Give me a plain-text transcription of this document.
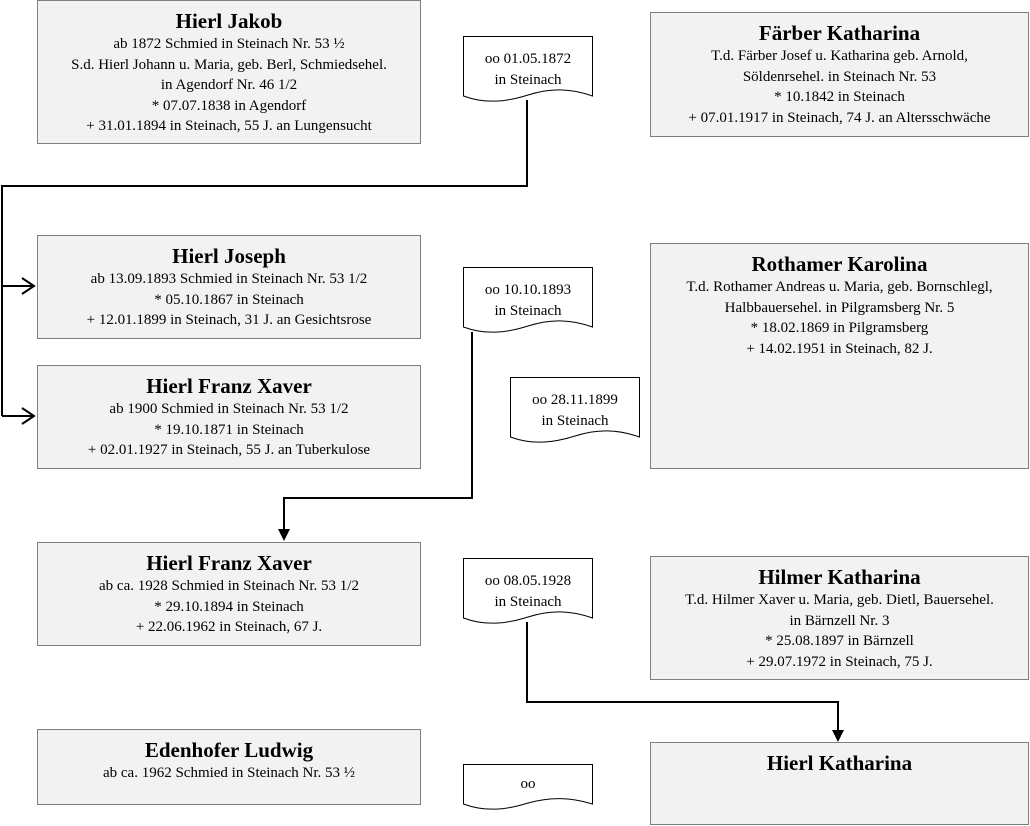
Hierl Jakob
ab 1872 Schmied in Steinach Nr. 53 ½
S.d. Hierl Johann u. Maria, geb. Berl, Schmiedsehel.
in Agendorf Nr. 46 1/2
* 07.07.1838 in Agendorf
+ 31.01.1894 in Steinach, 55 J. an Lungensucht
Färber Katharina
T.d. Färber Josef u. Katharina geb. Arnold,
Söldenrsehel. in Steinach Nr. 53
* 10.1842 in Steinach
+ 07.01.1917 in Steinach, 74 J. an Altersschwäche
Hierl Joseph
ab 13.09.1893 Schmied in Steinach Nr. 53 1/2
* 05.10.1867 in Steinach
+ 12.01.1899 in Steinach, 31 J. an Gesichtsrose
Rothamer Karolina
T.d. Rothamer Andreas u. Maria, geb. Bornschlegl,
Halbbauersehel. in Pilgramsberg Nr. 5
* 18.02.1869 in Pilgramsberg
+ 14.02.1951 in Steinach, 82 J.
Hierl Franz Xaver
ab 1900 Schmied in Steinach Nr. 53 1/2
* 19.10.1871 in Steinach
+ 02.01.1927 in Steinach, 55 J. an Tuberkulose
Hierl Franz Xaver
ab ca. 1928 Schmied in Steinach Nr. 53 1/2
* 29.10.1894 in Steinach
+ 22.06.1962 in Steinach, 67 J.
Hilmer Katharina
T.d. Hilmer Xaver u. Maria, geb. Dietl, Bauersehel.
in Bärnzell Nr. 3
* 25.08.1897 in Bärnzell
+ 29.07.1972 in Steinach, 75 J.
Edenhofer Ludwig
ab ca. 1962 Schmied in Steinach Nr. 53 ½	Hierl Katharina
oo 01.05.1872
in Steinach
oo 10.10.1893
in Steinach
oo 28.11.1899
in Steinach
oo 08.05.1928
in Steinach
oo
